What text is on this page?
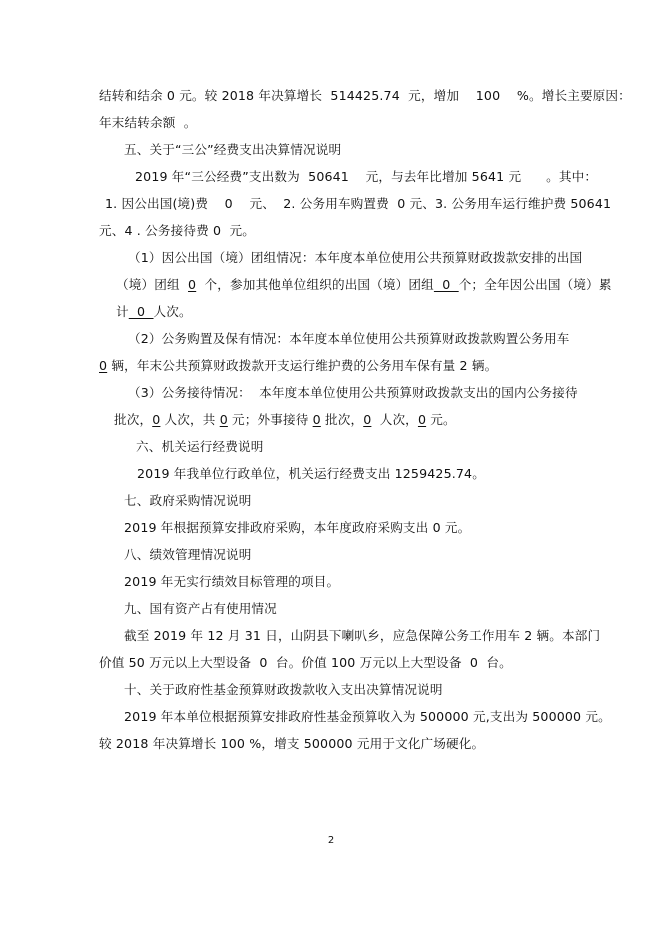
结转和结余 0 元。较 2018 年决算增长  514425.74  元，增加    100    %。增长主要原因：
年末结转余额  。
五、关于“三公”经费支出决算情况说明
2019 年“三公经费”支出数为  50641    元，与去年比增加 5641 元      。其中：
1. 因公出国(境)费    0    元、  2. 公务用车购置费  0 元、3. 公务用车运行维护费 50641
元、4 . 公务接待费 0  元。
（1）因公出国（境）团组情况：本年度本单位使用公共预算财政拨款安排的出国
（境）团组  0  个，参加其他单位组织的出国（境）团组  0  个；全年因公出国（境）累
计  0  人次。
（2）公务购置及保有情况：本年度本单位使用公共预算财政拨款购置公务用车
0 辆，年末公共预算财政拨款开支运行维护费的公务用车保有量 2 辆。
（3）公务接待情况：  本年度本单位使用公共预算财政拨款支出的国内公务接待
批次，0 人次，共 0 元；外事接待 0 批次，0  人次，0 元。
六、机关运行经费说明
2019 年我单位行政单位，机关运行经费支出 1259425.74。
七、政府采购情况说明
2019 年根据预算安排政府采购，本年度政府采购支出 0 元。
八、绩效管理情况说明
2019 年无实行绩效目标管理的项目。
九、国有资产占有使用情况
截至 2019 年 12 月 31 日，山阴县下喇叭乡，应急保障公务工作用车 2 辆。本部门
价值 50 万元以上大型设备  0  台。价值 100 万元以上大型设备  0  台。
十、关于政府性基金预算财政拨款收入支出决算情况说明
2019 年本单位根据预算安排政府性基金预算收入为 500000 元,支出为 500000 元。
较 2018 年决算增长 100 %，增支 500000 元用于文化广场硬化。
2
